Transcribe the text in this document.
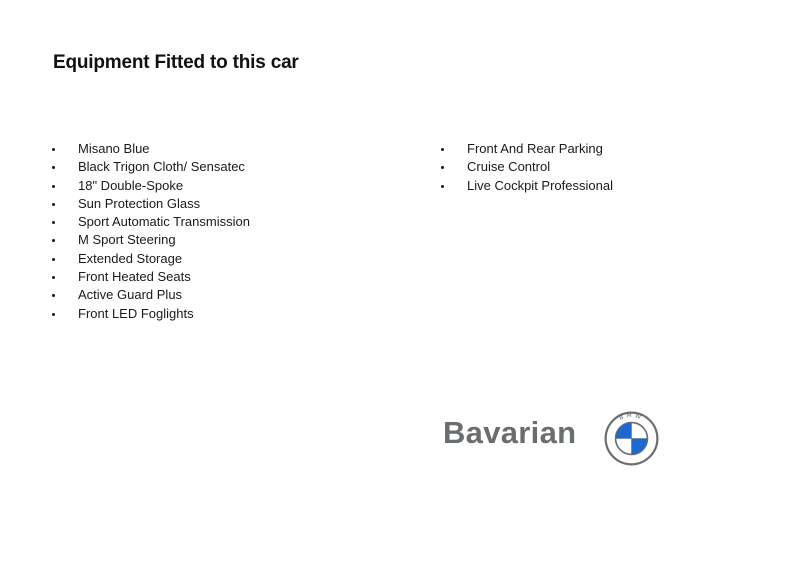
Equipment Fitted to this car
Misano Blue
Black Trigon Cloth/ Sensatec
18" Double-Spoke
Sun Protection Glass
Sport Automatic Transmission
M Sport Steering
Extended Storage
Front Heated Seats
Active Guard Plus
Front LED Foglights
Front And Rear Parking
Cruise Control
Live Cockpit Professional
Bavarian	BMW
